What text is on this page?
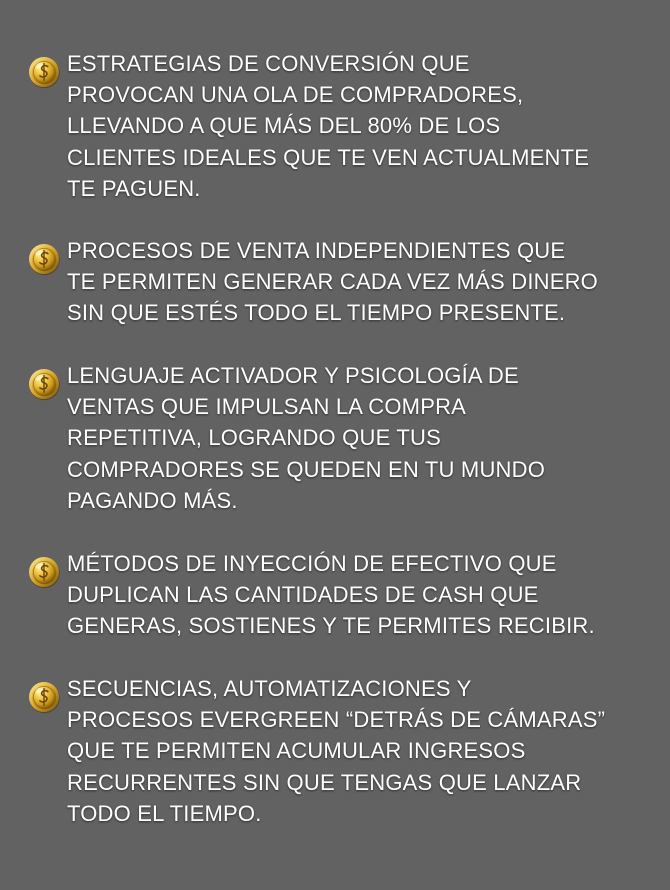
ESTRATEGIAS DE CONVERSIÓN QUE
PROVOCAN UNA OLA DE COMPRADORES,
LLEVANDO A QUE MÁS DEL 80% DE LOS
CLIENTES IDEALES QUE TE VEN ACTUALMENTE
TE PAGUEN.

PROCESOS DE VENTA INDEPENDIENTES QUE
TE PERMITEN GENERAR CADA VEZ MÁS DINERO
SIN QUE ESTÉS TODO EL TIEMPO PRESENTE.

LENGUAJE ACTIVADOR Y PSICOLOGÍA DE
VENTAS QUE IMPULSAN LA COMPRA
REPETITIVA, LOGRANDO QUE TUS
COMPRADORES SE QUEDEN EN TU MUNDO
PAGANDO MÁS.

MÉTODOS DE INYECCIÓN DE EFECTIVO QUE
DUPLICAN LAS CANTIDADES DE CASH QUE
GENERAS, SOSTIENES Y TE PERMITES RECIBIR.

SECUENCIAS, AUTOMATIZACIONES Y
PROCESOS EVERGREEN “DETRÁS DE CÁMARAS”
QUE TE PERMITEN ACUMULAR INGRESOS
RECURRENTES SIN QUE TENGAS QUE LANZAR
TODO EL TIEMPO.
